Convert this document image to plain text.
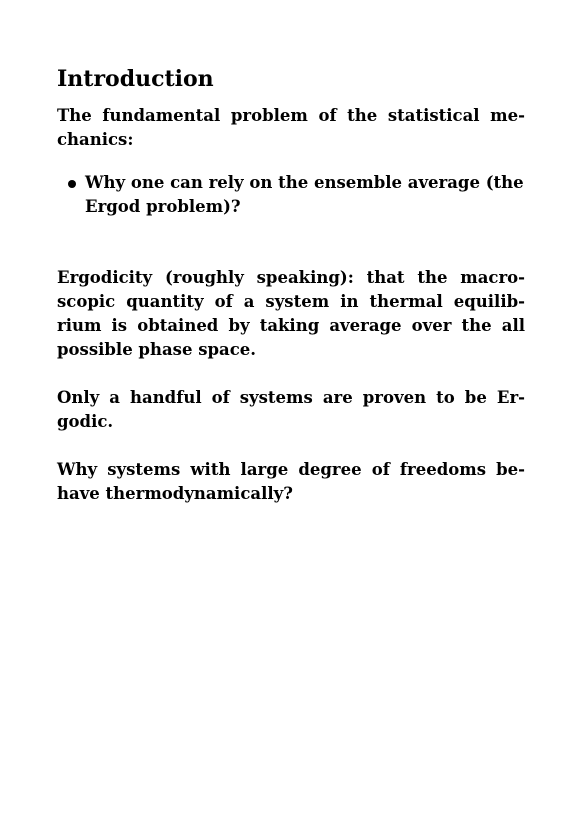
Introduction

The fundamental problem of the statistical mechanics:

Why one can rely on the ensemble average (the Ergod problem)?

Ergodicity (roughly speaking): that the macroscopic quantity of a system in thermal equilibrium is obtained by taking average over the all possible phase space.

Only a handful of systems are proven to be Ergodic.

Why systems with large degree of freedoms behave thermodynamically?
